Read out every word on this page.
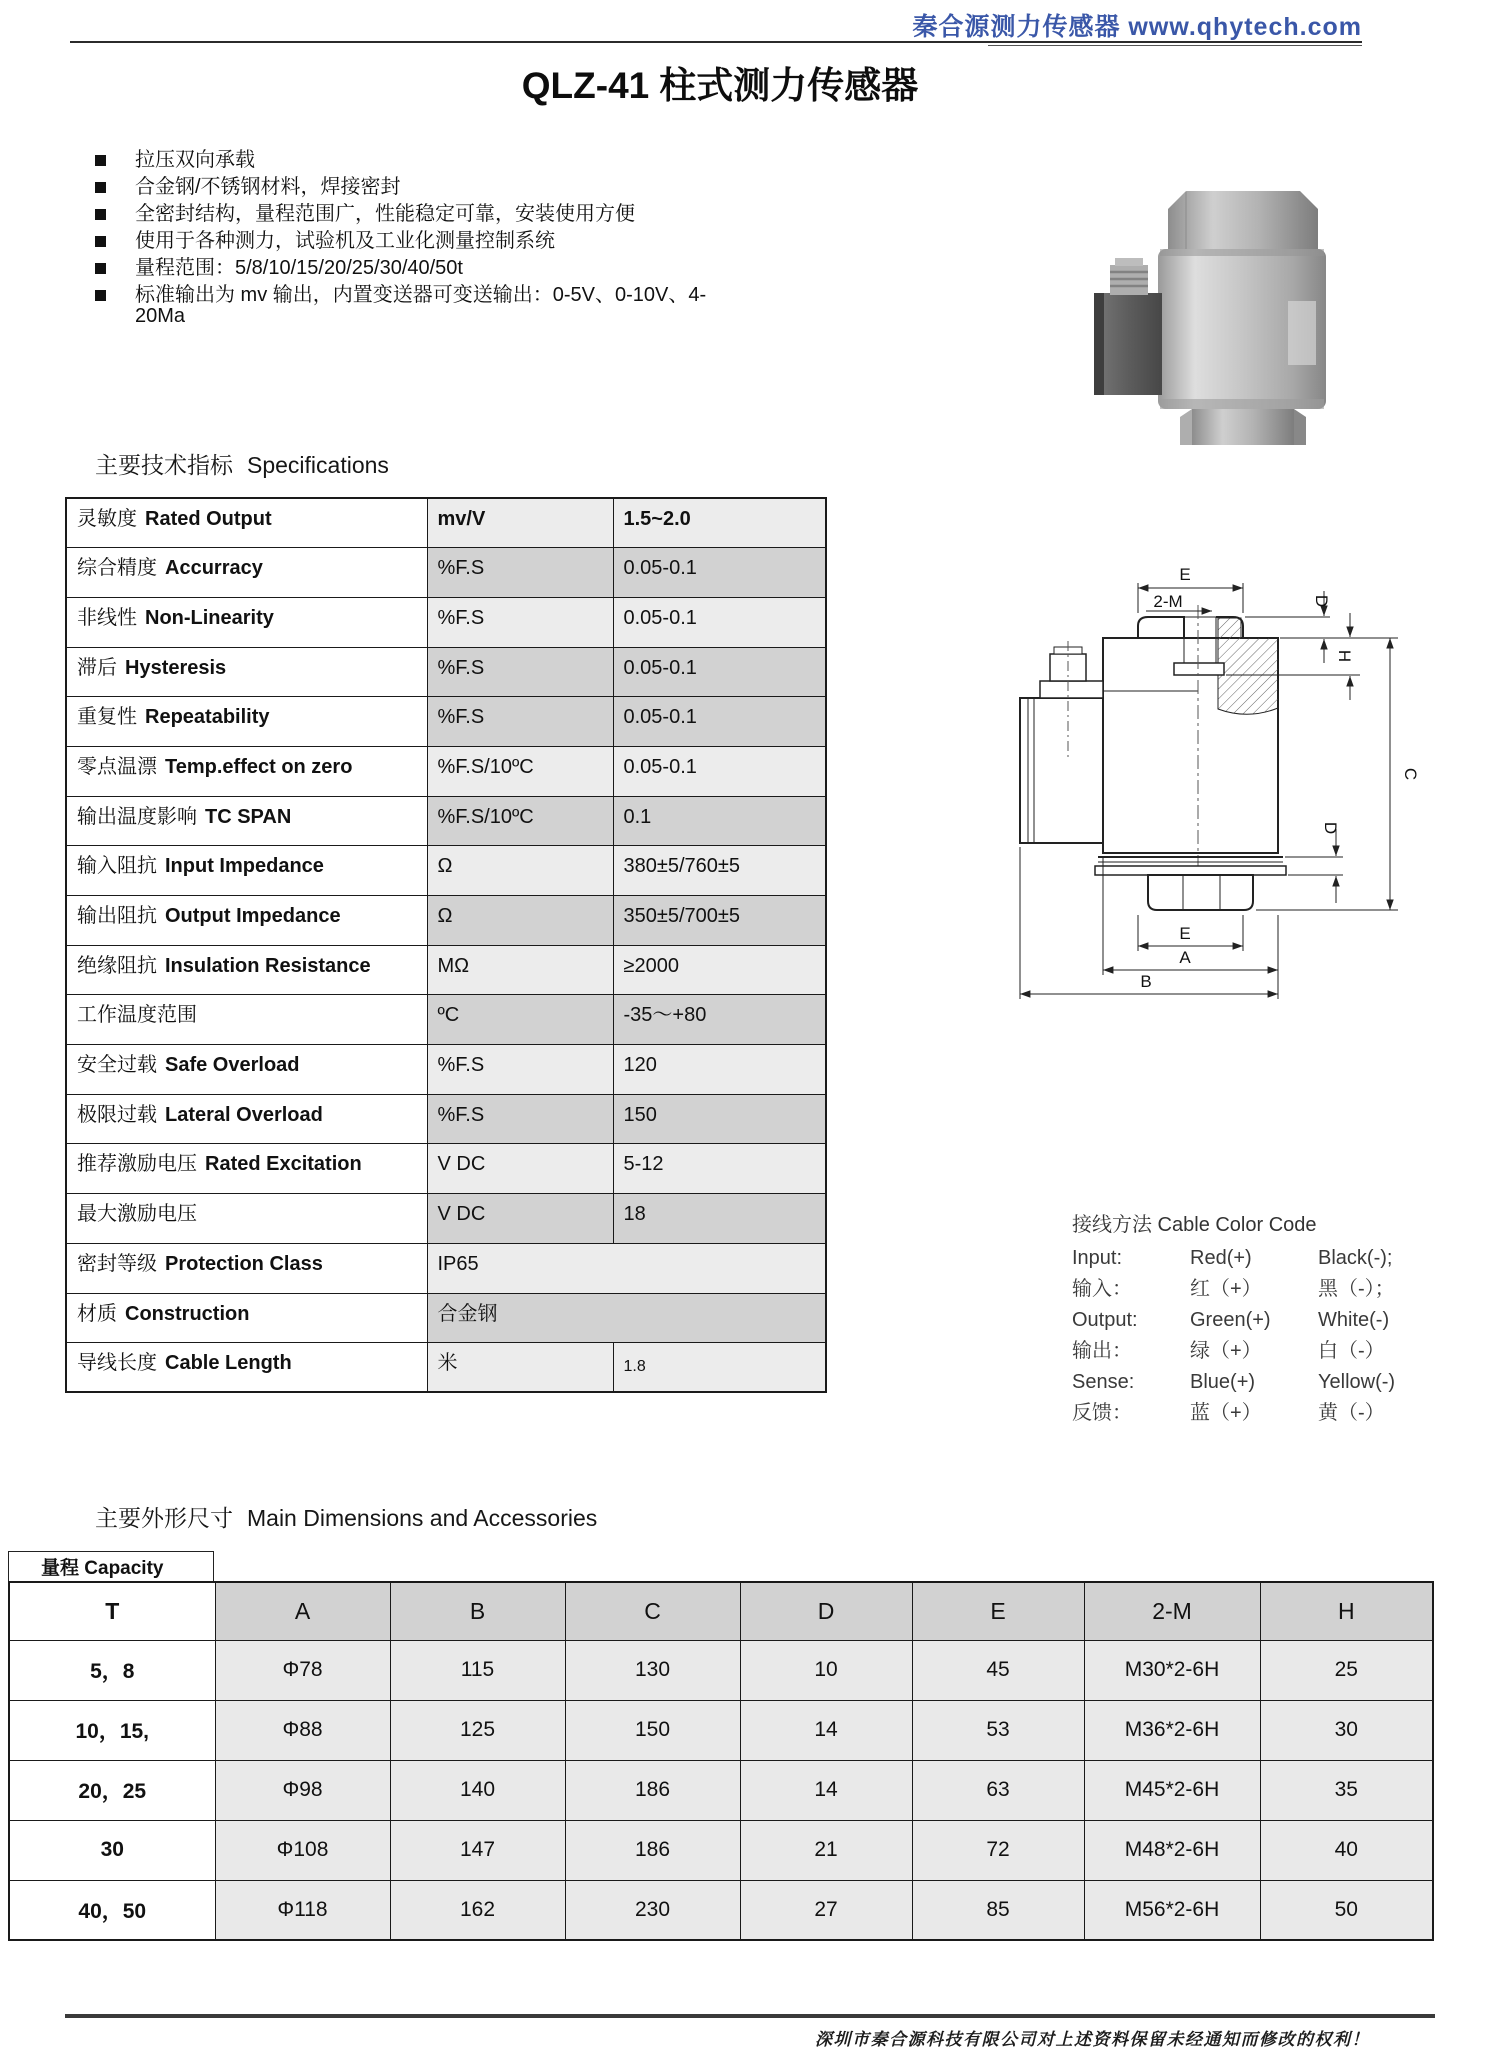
秦合源测力传感器 www.qhytech.com
QLZ-41 柱式测力传感器
拉压双向承载
合金钢/不锈钢材料，焊接密封
全密封结构，量程范围广，性能稳定可靠，安装使用方便
使用于各种测力，试验机及工业化测量控制系统
量程范围：5/8/10/15/20/25/30/40/50t
标准输出为 mv 输出，内置变送器可变送输出：0-5V、0-10V、4-20Ma
主要技术指标 Specifications
灵敏度 Rated Output	mv/V	1.5~2.0
综合精度 Accurracy	%F.S	0.05-0.1
非线性 Non-Linearity	%F.S	0.05-0.1
滞后 Hysteresis	%F.S	0.05-0.1
重复性 Repeatability	%F.S	0.05-0.1
零点温漂 Temp.effect on zero	%F.S/10ºC	0.05-0.1
输出温度影响 TC SPAN	%F.S/10ºC	0.1
输入阻抗 Input Impedance	Ω	380±5/760±5
输出阻抗 Output Impedance	Ω	350±5/700±5
绝缘阻抗 Insulation Resistance	MΩ	≥2000
工作温度范围	ºC	-35～+80
安全过载 Safe Overload	%F.S	120
极限过载 Lateral Overload	%F.S	150
推荐激励电压 Rated Excitation	V DC	5-12
最大激励电压	V DC	18
密封等级 Protection Class	IP65	
材质 Construction	合金钢	
导线长度 Cable Length	米	1.8
E
2-M	D
H
C
D
E
A
B
接线方法 Cable Color Code
Input:	Red(+)	Black(-);
输入：	红（+）	黑（-）；
Output:	Green(+)	White(-)
输出：	绿（+）	白（-）
Sense:	Blue(+)	Yellow(-)
反馈：	蓝（+）	黄（-）
主要外形尺寸 Main Dimensions and Accessories
量程 Capacity
T	A	B	C	D	E	2-M	H
5，8	Φ78	115	130	10	45	M30*2-6H	25
10，15,	Φ88	125	150	14	53	M36*2-6H	30
20，25	Φ98	140	186	14	63	M45*2-6H	35
30	Φ108	147	186	21	72	M48*2-6H	40
40，50	Φ118	162	230	27	85	M56*2-6H	50
深圳市秦合源科技有限公司对上述资料保留未经通知而修改的权利！
